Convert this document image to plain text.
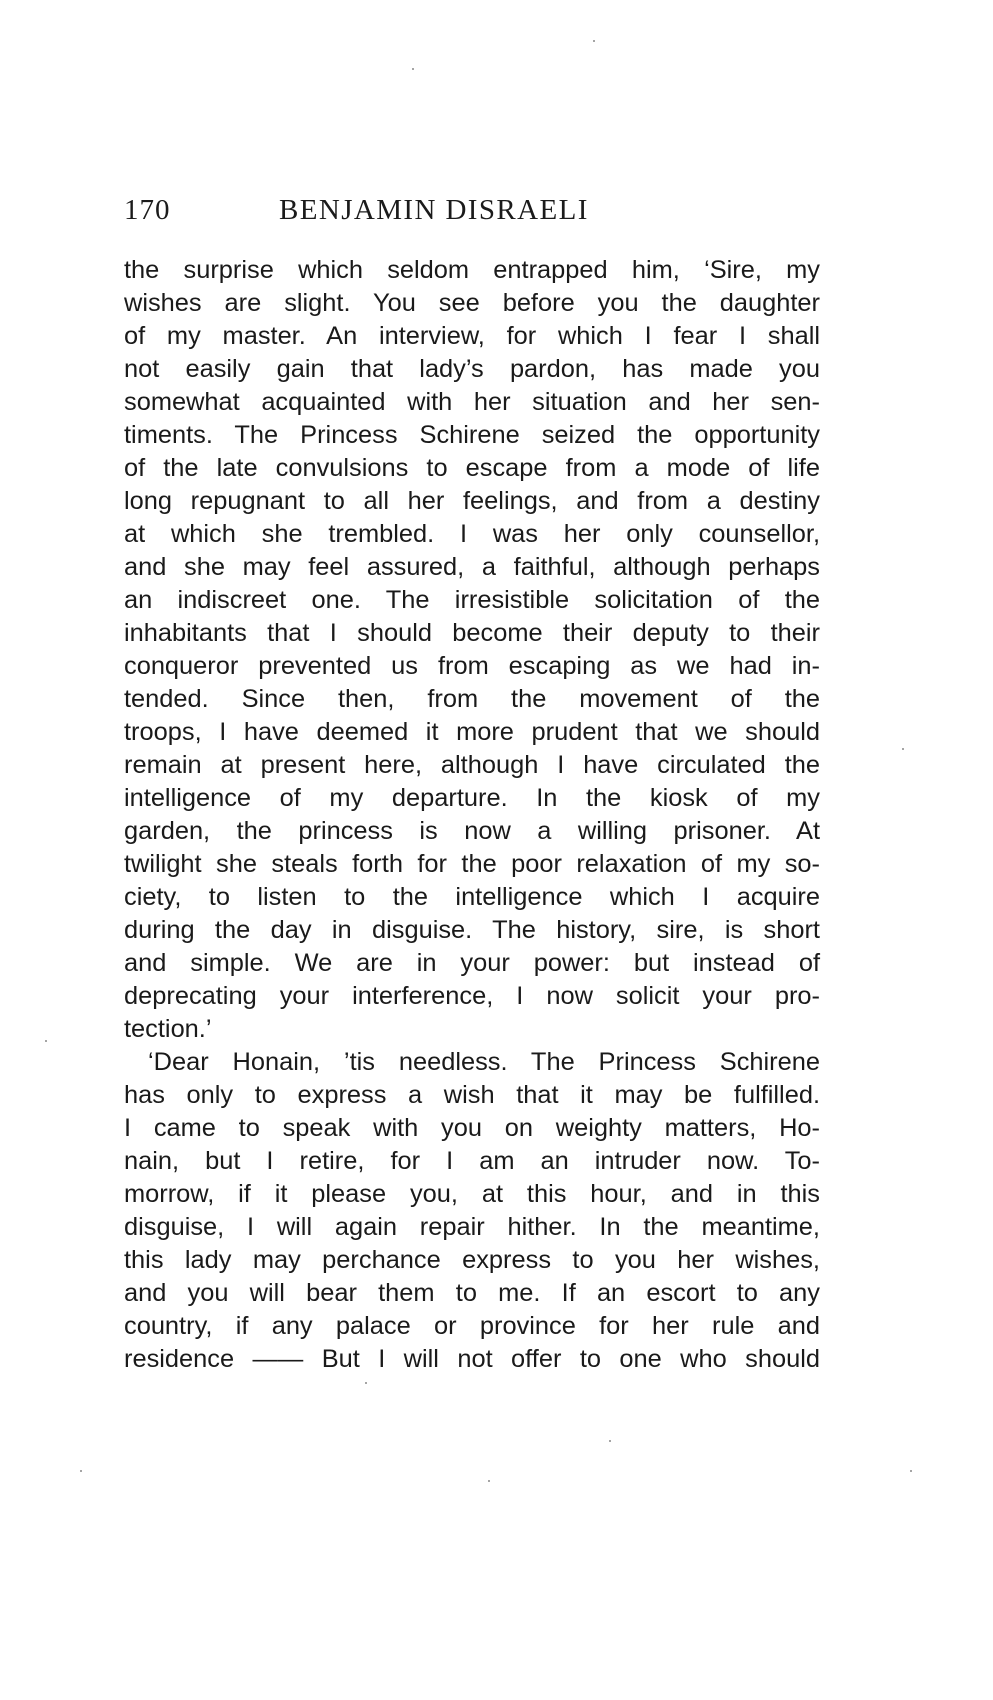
170	BENJAMIN DISRAELI

the surprise which seldom entrapped him, ‘Sire, my

wishes are slight. You see before you the daughter

of my master. An interview, for which I fear I shall

not easily gain that lady’s pardon, has made you

somewhat acquainted with her situation and her sen-

timents. The Princess Schirene seized the opportunity

of the late convulsions to escape from a mode of life

long repugnant to all her feelings, and from a destiny

at which she trembled. I was her only counsellor,

and she may feel assured, a faithful, although perhaps

an indiscreet one. The irresistible solicitation of the

inhabitants that I should become their deputy to their

conqueror prevented us from escaping as we had in-

tended. Since then, from the movement of the

troops, I have deemed it more prudent that we should

remain at present here, although I have circulated the

intelligence of my departure. In the kiosk of my

garden, the princess is now a willing prisoner. At

twilight she steals forth for the poor relaxation of my so-

ciety, to listen to the intelligence which I acquire

during the day in disguise. The history, sire, is short

and simple. We are in your power: but instead of

deprecating your interference, I now solicit your pro-

tection.’

‘Dear Honain, ’tis needless. The Princess Schirene

has only to express a wish that it may be fulfilled.

I came to speak with you on weighty matters, Ho-

nain, but I retire, for I am an intruder now. To-

morrow, if it please you, at this hour, and in this

disguise, I will again repair hither. In the meantime,

this lady may perchance express to you her wishes,

and you will bear them to me. If an escort to any

country, if any palace or province for her rule and

residence —— But I will not offer to one who should
